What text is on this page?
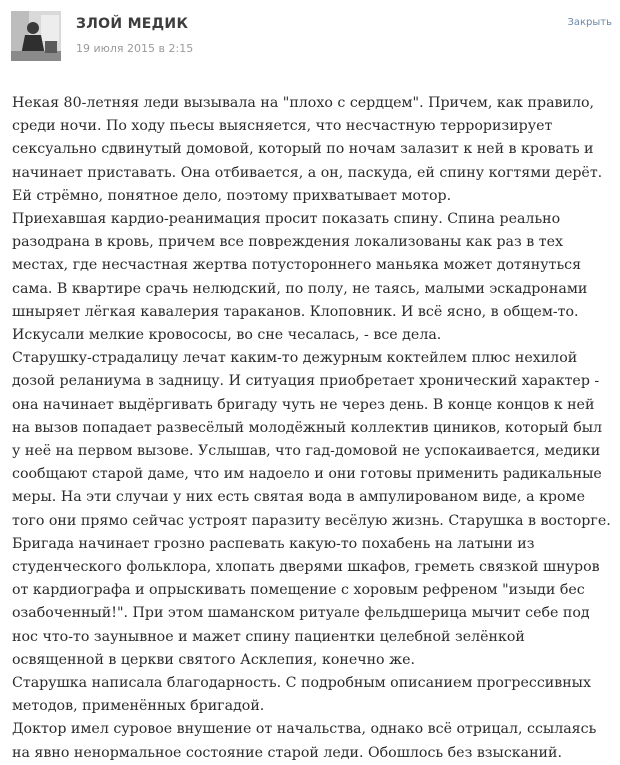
ЗЛОЙ МЕДИК
19 июля 2015 в 2:15
Закрыть

Некая 80-летняя леди вызывала на "плохо с сердцем". Причем, как правило, среди ночи. По ходу пьесы выясняется, что несчастную терроризирует сексуально сдвинутый домовой, который по ночам залазит к ней в кровать и начинает приставать. Она отбивается, а он, паскуда, ей спину когтями дерёт. Ей стрёмно, понятное дело, поэтому прихватывает мотор.

Приехавшая кардио-реанимация просит показать спину. Спина реально разодрана в кровь, причем все повреждения локализованы как раз в тех местах, где несчастная жертва потустороннего маньяка может дотянуться сама. В квартире срачь нелюдский, по полу, не таясь, малыми эскадронами шныряет лёгкая кавалерия тараканов. Клоповник. И всё ясно, в общем-то. Искусали мелкие кровососы, во сне чесалась, - все дела.

Старушку-страдалицу лечат каким-то дежурным коктейлем плюс нехилой дозой реланиума в задницу. И ситуация приобретает хронический характер - она начинает выдёргивать бригаду чуть не через день. В конце концов к ней на вызов попадает развесёлый молодёжный коллектив циников, который был у неё на первом вызове. Услышав, что гад-домовой не успокаивается, медики сообщают старой даме, что им надоело и они готовы применить радикальные меры. На эти случаи у них есть святая вода в ампулированом виде, а кроме того они прямо сейчас устроят паразиту весёлую жизнь. Старушка в восторге.

Бригада начинает грозно распевать какую-то похабень на латыни из студенческого фольклора, хлопать дверями шкафов, греметь связкой шнуров от кардиографа и опрыскивать помещение с хоровым рефреном "изыди бес озабоченный!". При этом шаманском ритуале фельдшерица мычит себе под нос что-то заунывное и мажет спину пациентки целебной зелёнкой освященной в церкви святого Асклепия, конечно же.

Старушка написала благодарность. С подробным описанием прогрессивных методов, применённых бригадой.

Доктор имел суровое внушение от начальства, однако всё отрицал, ссылаясь на явно ненормальное состояние старой леди. Обошлось без взысканий.
